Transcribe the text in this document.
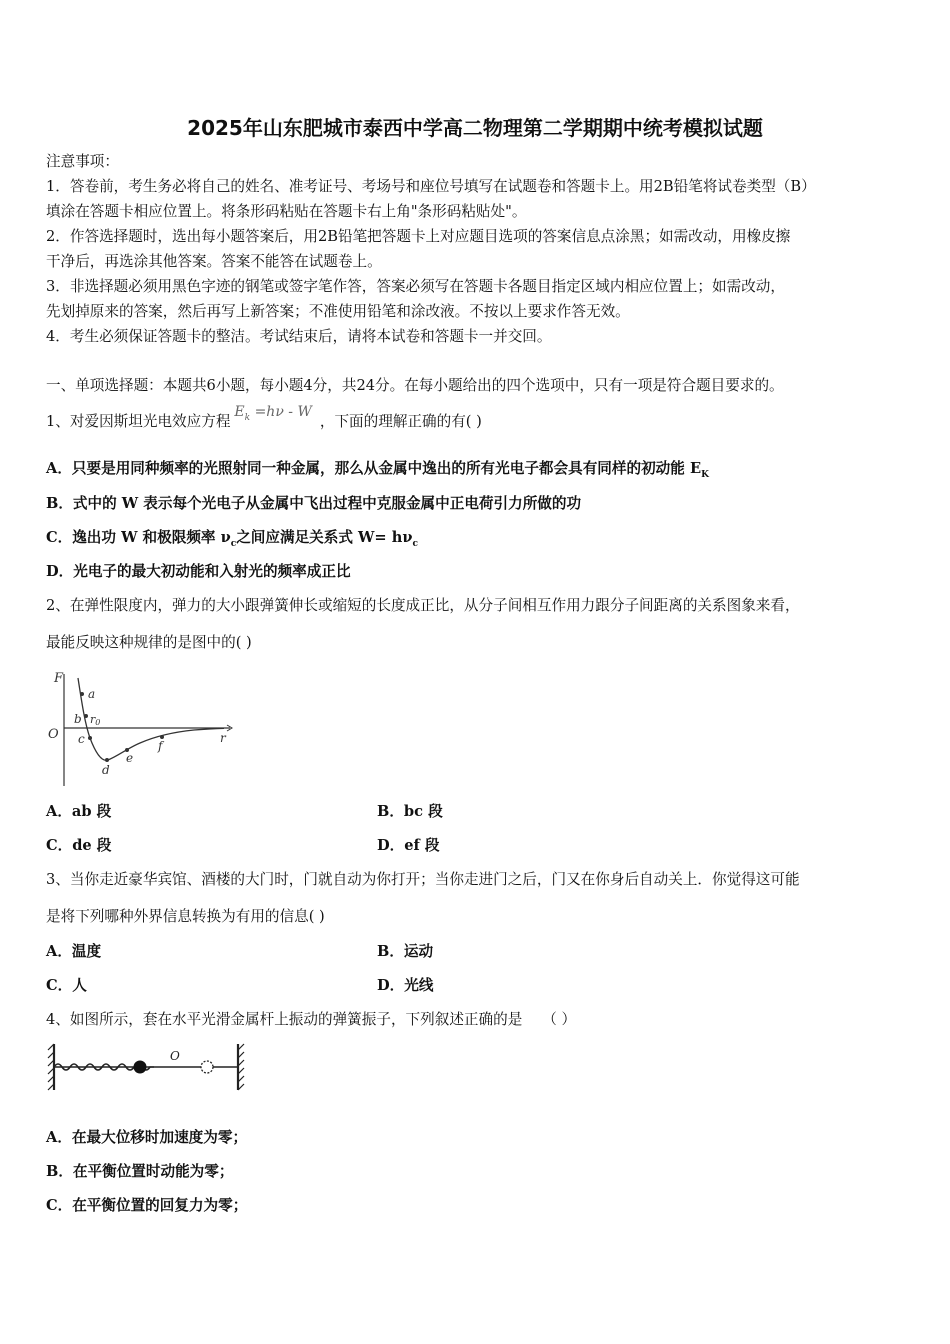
2025年山东肥城市泰西中学高二物理第二学期期中统考模拟试题
注意事项：
1．答卷前，考生务必将自己的姓名、准考证号、考场号和座位号填写在试题卷和答题卡上。用2B铅笔将试卷类型（B）
填涂在答题卡相应位置上。将条形码粘贴在答题卡右上角"条形码粘贴处"。
2．作答选择题时，选出每小题答案后，用2B铅笔把答题卡上对应题目选项的答案信息点涂黑；如需改动，用橡皮擦
干净后，再选涂其他答案。答案不能答在试题卷上。
3．非选择题必须用黑色字迹的钢笔或签字笔作答，答案必须写在答题卡各题目指定区域内相应位置上；如需改动，
先划掉原来的答案，然后再写上新答案；不准使用铅笔和涂改液。不按以上要求作答无效。
4．考生必须保证答题卡的整洁。考试结束后，请将本试卷和答题卡一并交回。
一、单项选择题：本题共6小题，每小题4分，共24分。在每小题给出的四个选项中，只有一项是符合题目要求的。
1、对爱因斯坦光电效应方程$E_k =h\nu - W$，下面的理解正确的有( )
A．只要是用同种频率的光照射同一种金属，那么从金属中逸出的所有光电子都会具有同样的初动能 $E_K$
B．式中的 W 表示每个光电子从金属中飞出过程中克服金属中正电荷引力所做的功
C．逸出功 W 和极限频率 $\nu_c$之间应满足关系式 $W= h\nu_c$
D．光电子的最大初动能和入射光的频率成正比
2、在弹性限度内，弹力的大小跟弹簧伸长或缩短的长度成正比，从分子间相互作用力跟分子间距离的关系图象来看，
最能反映这种规律的是图中的( )
F
O	r
a
b r0
c
d
e
f
A．ab 段	B．bc 段
C．de 段	D．ef 段
3、当你走近豪华宾馆、酒楼的大门时，门就自动为你打开；当你走进门之后，门又在你身后自动关上．你觉得这可能
是将下列哪种外界信息转换为有用的信息( )
A．温度	B．运动
C．人	D．光线
4、如图所示，套在水平光滑金属杆上振动的弹簧振子，下列叙述正确的是 （ ）
O
A．在最大位移时加速度为零；
B．在平衡位置时动能为零；
C．在平衡位置的回复力为零；
